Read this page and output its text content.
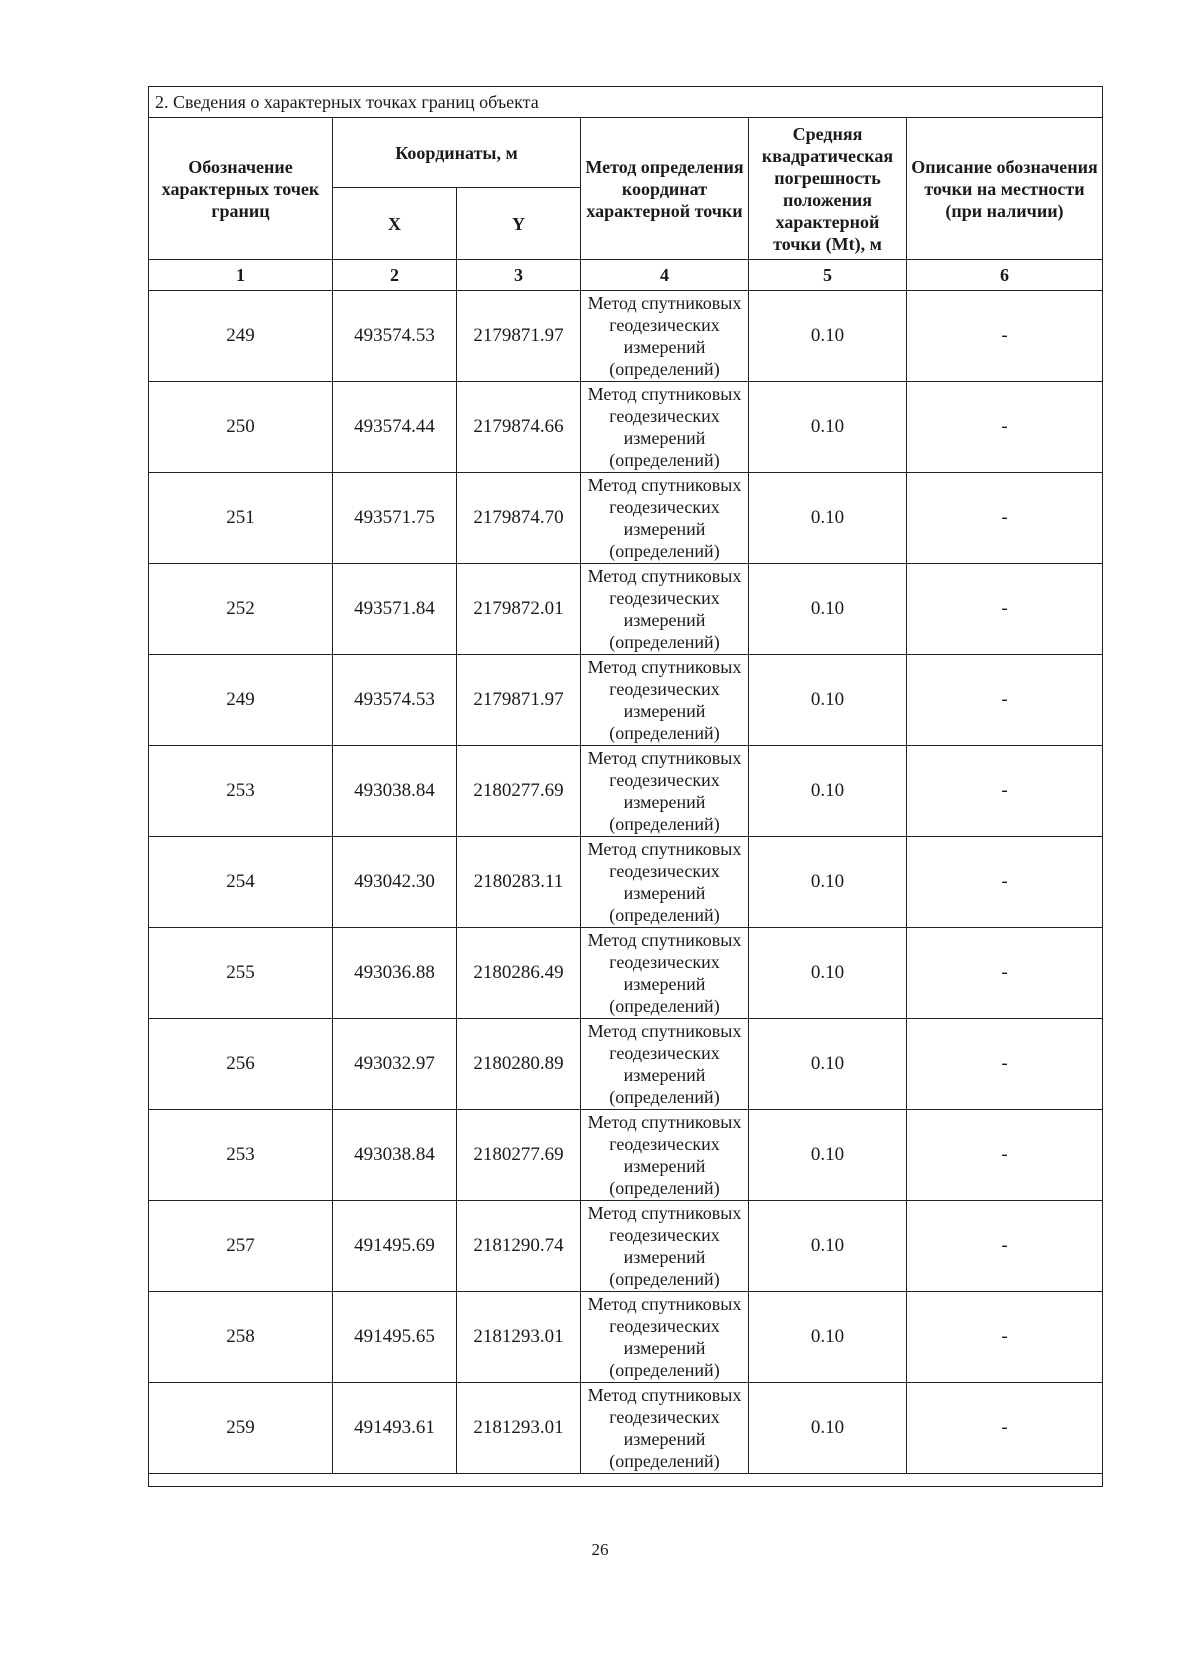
2. Сведения о характерных точках границ объекта					
Обозначение характерных точек границ	Координаты, м		Метод определения координат характерной точки	Средняя квадратическая погрешность положения характерной точки (Mt), м	Описание обозначения точки на местности (при наличии)
	X	Y			
1	2	3	4	5	6
249	493574.53	2179871.97	Метод спутниковых геодезических измерений (определений)	0.10	-
250	493574.44	2179874.66	Метод спутниковых геодезических измерений (определений)	0.10	-
251	493571.75	2179874.70	Метод спутниковых геодезических измерений (определений)	0.10	-
252	493571.84	2179872.01	Метод спутниковых геодезических измерений (определений)	0.10	-
249	493574.53	2179871.97	Метод спутниковых геодезических измерений (определений)	0.10	-
253	493038.84	2180277.69	Метод спутниковых геодезических измерений (определений)	0.10	-
254	493042.30	2180283.11	Метод спутниковых геодезических измерений (определений)	0.10	-
255	493036.88	2180286.49	Метод спутниковых геодезических измерений (определений)	0.10	-
256	493032.97	2180280.89	Метод спутниковых геодезических измерений (определений)	0.10	-
253	493038.84	2180277.69	Метод спутниковых геодезических измерений (определений)	0.10	-
257	491495.69	2181290.74	Метод спутниковых геодезических измерений (определений)	0.10	-
258	491495.65	2181293.01	Метод спутниковых геодезических измерений (определений)	0.10	-
259	491493.61	2181293.01	Метод спутниковых геодезических измерений (определений)	0.10	-

26
